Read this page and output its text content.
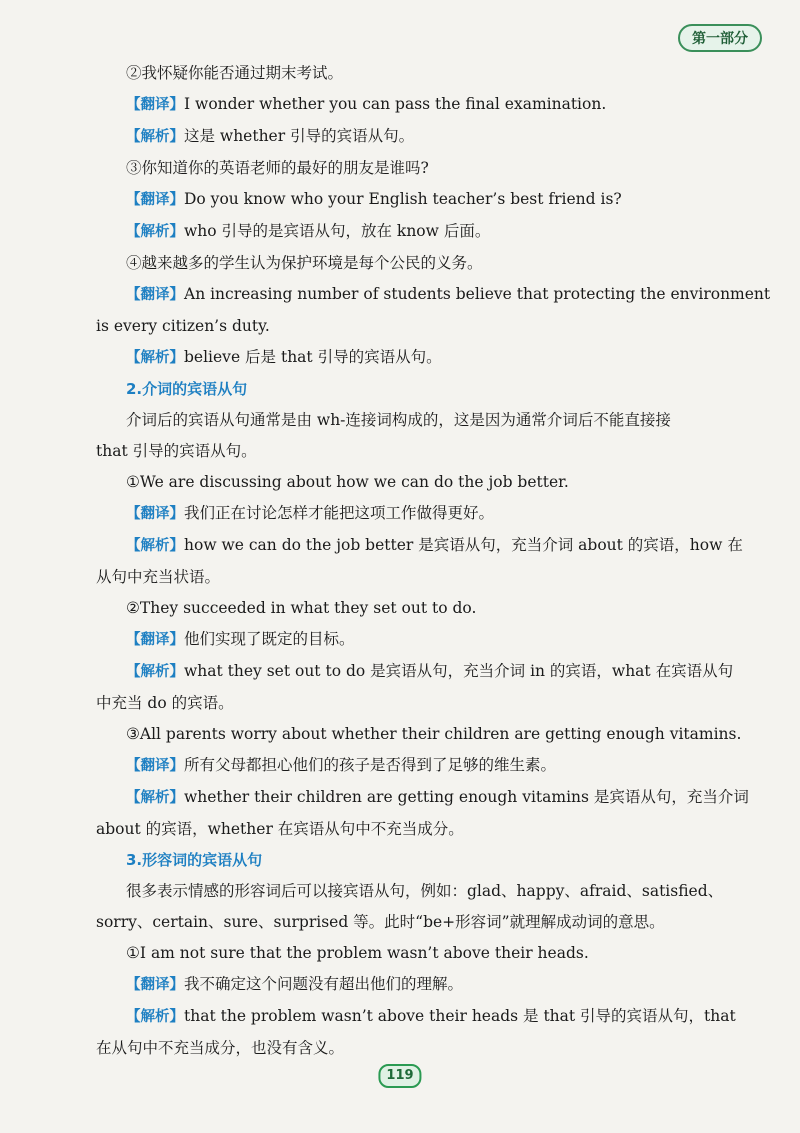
第一部分
②我怀疑你能否通过期末考试。
【翻译】I wonder whether you can pass the final examination.
【解析】这是 whether 引导的宾语从句。
③你知道你的英语老师的最好的朋友是谁吗?
【翻译】Do you know who your English teacher’s best friend is?
【解析】who 引导的是宾语从句，放在 know 后面。
④越来越多的学生认为保护环境是每个公民的义务。
【翻译】An increasing number of students believe that protecting the environment
is every citizen’s duty.
【解析】believe 后是 that 引导的宾语从句。
2.介词的宾语从句
介词后的宾语从句通常是由 wh-连接词构成的，这是因为通常介词后不能直接接
that 引导的宾语从句。
①We are discussing about how we can do the job better.
【翻译】我们正在讨论怎样才能把这项工作做得更好。
【解析】how we can do the job better 是宾语从句，充当介词 about 的宾语，how 在
从句中充当状语。
②They succeeded in what they set out to do.
【翻译】他们实现了既定的目标。
【解析】what they set out to do 是宾语从句，充当介词 in 的宾语，what 在宾语从句
中充当 do 的宾语。
③All parents worry about whether their children are getting enough vitamins.
【翻译】所有父母都担心他们的孩子是否得到了足够的维生素。
【解析】whether their children are getting enough vitamins 是宾语从句，充当介词
about 的宾语，whether 在宾语从句中不充当成分。
3.形容词的宾语从句
很多表示情感的形容词后可以接宾语从句，例如：glad、happy、afraid、satisfied、
sorry、certain、sure、surprised 等。此时“be+形容词”就理解成动词的意思。
①I am not sure that the problem wasn’t above their heads.
【翻译】我不确定这个问题没有超出他们的理解。
【解析】that the problem wasn’t above their heads 是 that 引导的宾语从句，that
在从句中不充当成分，也没有含义。
119
